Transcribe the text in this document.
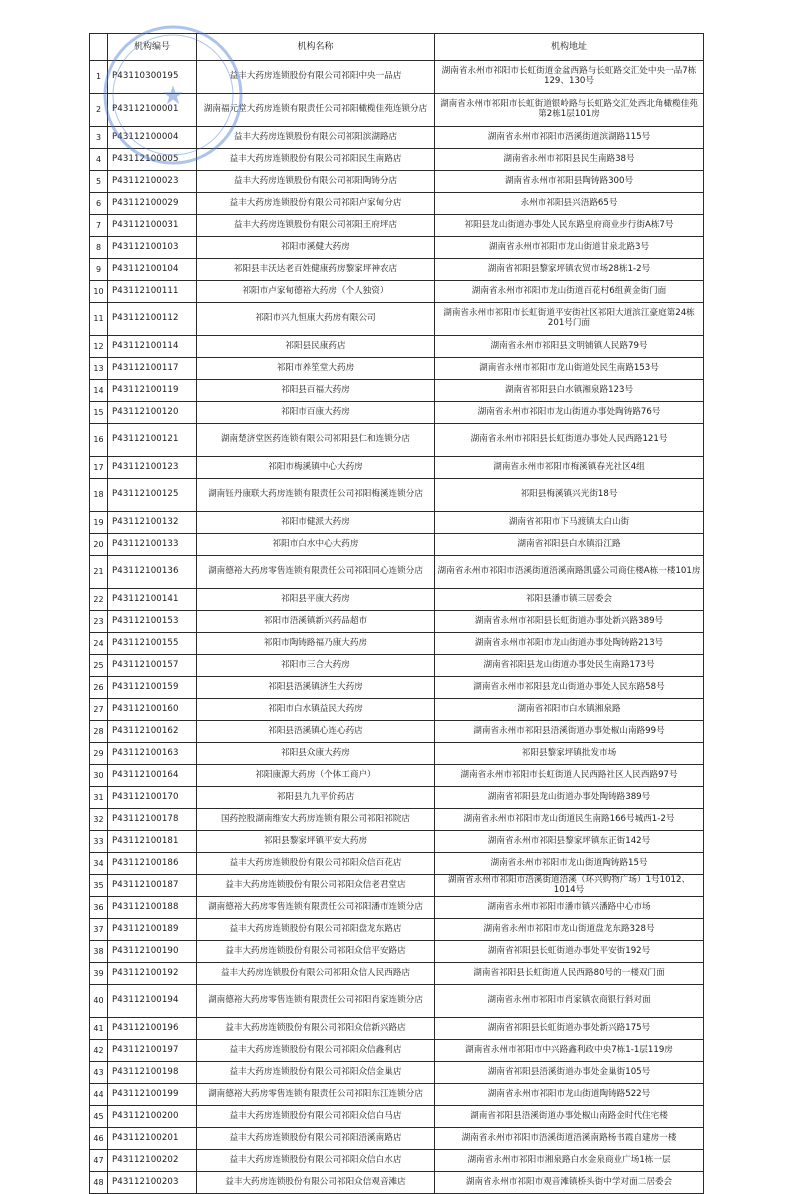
	机构编号	机构名称	机构地址
1	P43110300195	益丰大药房连锁股份有限公司祁阳中央一品店	湖南省永州市祁阳市长虹街道金盆西路与长虹路交汇处中央一品7栋129、130号
2	P43112100001	湖南福元堂大药房连锁有限责任公司祁阳橄榄佳苑连锁分店	湖南省永州市祁阳市长虹街道银岭路与长虹路交汇处西北角橄榄佳苑第2栋1层101房
3	P43112100004	益丰大药房连锁股份有限公司祁阳滨湖路店	湖南省永州市祁阳市浯溪街道滨湖路115号
4	P43112100005	益丰大药房连锁股份有限公司祁阳民生南路店	湖南省永州市祁阳县民生南路38号
5	P43112100023	益丰大药房连锁股份有限公司祁阳陶铸分店	湖南省永州市祁阳县陶铸路300号
6	P43112100029	益丰大药房连锁股份有限公司祁阳卢家甸分店	永州市祁阳县兴浯路65号
7	P43112100031	益丰大药房连锁股份有限公司祁阳王府坪店	祁阳县龙山街道办事处人民东路皇府商业步行街A栋7号
8	P43112100103	祁阳市溪健大药房	湖南省永州市祁阳市龙山街道甘泉北路3号
9	P43112100104	祁阳县丰沃达老百姓健康药房黎家坪神农店	湖南省祁阳县黎家坪镇农贸市场28栋1-2号
10	P43112100111	祁阳市卢家甸德裕大药房（个人独资）	湖南省永州市祁阳市龙山街道百花村6组黄金街门面
11	P43112100112	祁阳市兴九恒康大药房有限公司	湖南省永州市祁阳市长虹街道平安街社区祁阳大道滨江豪庭第24栋201号门面
12	P43112100114	祁阳县民康药店	湖南省永州市祁阳县文明铺镇人民路79号
13	P43112100117	祁阳市养笙堂大药房	湖南省永州市祁阳市龙山街道处民生南路153号
14	P43112100119	祁阳县百福大药房	湖南省祁阳县白水镇湘泉路123号
15	P43112100120	祁阳市百康大药房	湖南省永州市祁阳市龙山街道办事处陶铸路76号
16	P43112100121	湖南楚济堂医药连锁有限公司祁阳县仁和连锁分店	湖南省永州市祁阳县长虹街道办事处人民西路121号
17	P43112100123	祁阳市梅溪镇中心大药房	湖南省永州市祁阳市梅溪镇春光社区4组
18	P43112100125	湖南钰丹康联大药房连锁有限责任公司祁阳梅溪连锁分店	祁阳县梅溪镇兴光街18号
19	P43112100132	祁阳市健派大药房	湖南省祁阳市下马渡镇太白山街
20	P43112100133	祁阳市白水中心大药房	湖南省祁阳县白水镇沿江路
21	P43112100136	湖南德裕大药房零售连锁有限责任公司祁阳同心连锁分店	湖南省永州市祁阳市浯溪街道浯溪南路凯盛公司商住楼A栋一楼101房
22	P43112100141	祁阳县平康大药房	祁阳县潘市镇三居委会
23	P43112100153	祁阳市浯溪镇新兴药品超市	湖南省永州市祁阳县长虹街道办事处新兴路389号
24	P43112100155	祁阳市陶铸路福乃康大药房	湖南省永州市祁阳市龙山街道办事处陶铸路213号
25	P43112100157	祁阳市三合大药房	湖南省祁阳县龙山街道办事处民生南路173号
26	P43112100159	祁阳县浯溪镇济生大药房	湖南省永州市祁阳县龙山街道办事处人民东路58号
27	P43112100160	祁阳市白水镇益民大药房	湖南省祁阳市白水镇湘泉路
28	P43112100162	祁阳县浯溪镇心连心药店	湖南省永州市祁阳县浯溪街道办事处椒山南路99号
29	P43112100163	祁阳县众康大药房	祁阳县黎家坪镇批发市场
30	P43112100164	祁阳康源大药房（个体工商户）	湖南省永州市祁阳市长虹街道人民西路社区人民西路97号
31	P43112100170	祁阳县九九平价药店	湖南省祁阳县龙山街道办事处陶铸路389号
32	P43112100178	国药控股湖南维安大药房连锁有限公司祁阳祁院店	湖南省永州市祁阳市龙山街道民生南路166号城西1-2号
33	P43112100181	祁阳县黎家坪镇平安大药房	湖南省永州市祁阳县黎家坪镇东正街142号
34	P43112100186	益丰大药房连锁股份有限公司祁阳众信百花店	湖南省永州市祁阳市龙山街道陶铸路15号
35	P43112100187	益丰大药房连锁股份有限公司祁阳众信老君堂店	湖南省永州市祁阳市浯溪街道浯溪（环兴购物广场）1号1012、1014号
36	P43112100188	湖南德裕大药房零售连锁有限责任公司祁阳潘市连锁分店	湖南省永州市祁阳市潘市镇兴潘路中心市场
37	P43112100189	益丰大药房连锁股份有限公司祁阳盘龙东路店	湖南省永州市祁阳市龙山街道盘龙东路328号
38	P43112100190	益丰大药房连锁股份有限公司祁阳众信平安路店	湖南省祁阳县长虹街道办事处平安街192号
39	P43112100192	益丰大药房连锁股份有限公司祁阳众信人民西路店	湖南省祁阳县长虹街道人民西路80号的一楼双门面
40	P43112100194	湖南德裕大药房零售连锁有限责任公司祁阳肖家连锁分店	湖南省永州市祁阳市肖家镇农商银行斜对面
41	P43112100196	益丰大药房连锁股份有限公司祁阳众信新兴路店	湖南省祁阳县长虹街道办事处新兴路175号
42	P43112100197	益丰大药房连锁股份有限公司祁阳众信鑫利店	湖南省永州市祁阳市中兴路鑫利政中央7栋1-1层119房
43	P43112100198	益丰大药房连锁股份有限公司祁阳众信金巢店	湖南省祁阳县浯溪街道办事处金巢街105号
44	P43112100199	湖南德裕大药房零售连锁有限责任公司祁阳东江连锁分店	湖南省永州市祁阳市龙山街道陶铸路522号
45	P43112100200	益丰大药房连锁股份有限公司祁阳众信白马店	湖南省祁阳县浯溪街道办事处椒山南路金时代住宅楼
46	P43112100201	益丰大药房连锁股份有限公司祁阳浯溪南路店	湖南省永州市祁阳市浯溪街道浯溪南路杨书霞自建房一楼
47	P43112100202	益丰大药房连锁股份有限公司祁阳众信白水店	湖南省永州市祁阳市湘泉路白水金泉商业广场1栋一层
48	P43112100203	益丰大药房连锁股份有限公司祁阳众信观音滩店	湖南省永州市祁阳市观音滩镇桥头街中学对面二居委会
★
